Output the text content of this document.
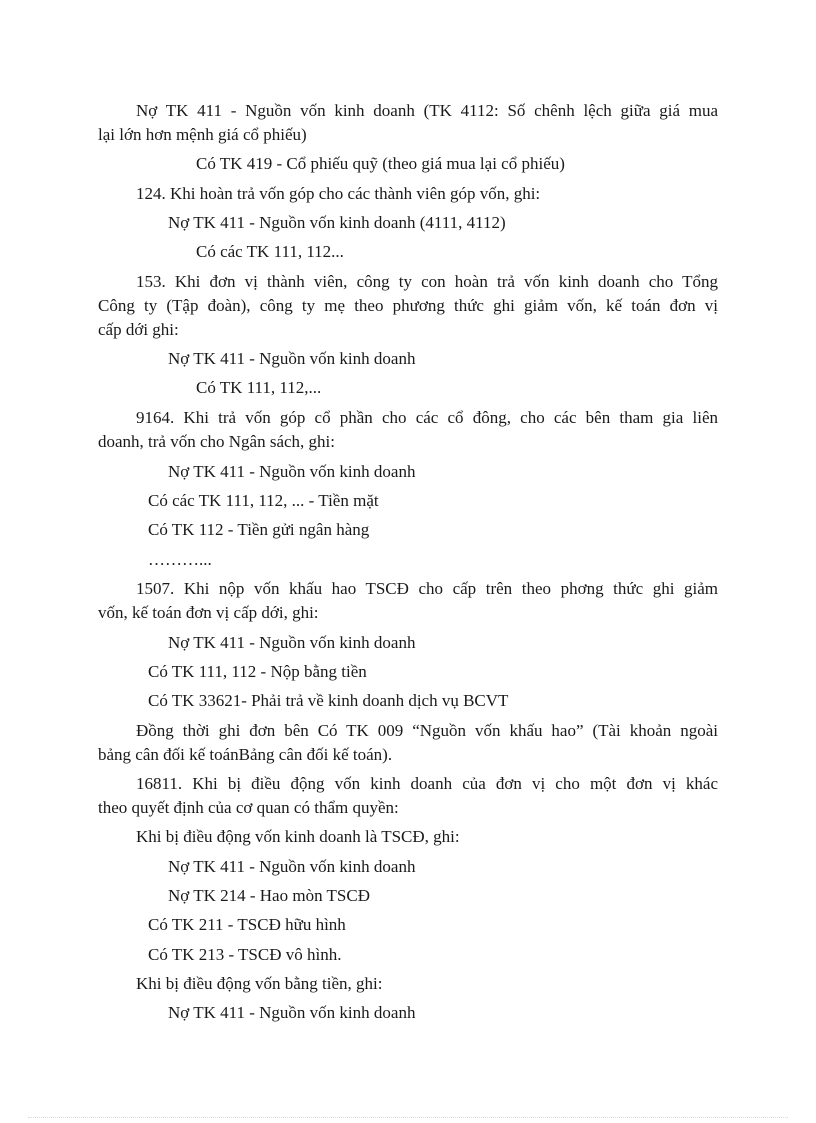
Nợ TK 411 - Nguồn vốn kinh doanh (TK 4112: Số chênh lệch giữa giá mua
lại lớn hơn mệnh giá cổ phiếu)
Có TK 419 - Cổ phiếu quỹ (theo giá mua lại cổ phiếu)
124. Khi hoàn trả vốn góp cho các thành viên góp vốn, ghi:
Nợ TK 411 - Nguồn vốn kinh doanh (4111, 4112)
Có các TK 111, 112...
153. Khi đơn vị thành viên, công ty con hoàn trả vốn kinh doanh cho Tổng
Công ty (Tập đoàn), công ty mẹ theo phương thức ghi giảm vốn, kế toán đơn vị
cấp dới ghi:
Nợ TK 411 - Nguồn vốn kinh doanh
Có TK 111, 112,...
9164. Khi trả vốn góp cổ phần cho các cổ đông, cho các bên tham gia liên
doanh, trả vốn cho Ngân sách, ghi:
Nợ TK 411 - Nguồn vốn kinh doanh
Có các TK 111, 112, ... - Tiền mặt
Có TK 112 - Tiền gửi ngân hàng
………...
1507. Khi nộp vốn khấu hao TSCĐ cho cấp trên theo phơng thức ghi giảm
vốn, kế toán đơn vị cấp dới, ghi:
Nợ TK 411 - Nguồn vốn kinh doanh
Có TK 111, 112 - Nộp bằng tiền
Có TK 33621- Phải trả về kinh doanh dịch vụ BCVT
Đồng thời ghi đơn bên Có TK 009 “Nguồn vốn khấu hao” (Tài khoản ngoài
bảng cân đối kế toánBảng cân đối kế toán).
16811. Khi bị điều động vốn kinh doanh của đơn vị cho một đơn vị khác
theo quyết định của cơ quan có thẩm quyền:
Khi bị điều động vốn kinh doanh là TSCĐ, ghi:
Nợ TK 411 - Nguồn vốn kinh doanh
Nợ TK 214 - Hao mòn TSCĐ
Có TK 211 - TSCĐ hữu hình
Có TK 213 - TSCĐ vô hình.
Khi bị điều động vốn bằng tiền, ghi:
Nợ TK 411 - Nguồn vốn kinh doanh
